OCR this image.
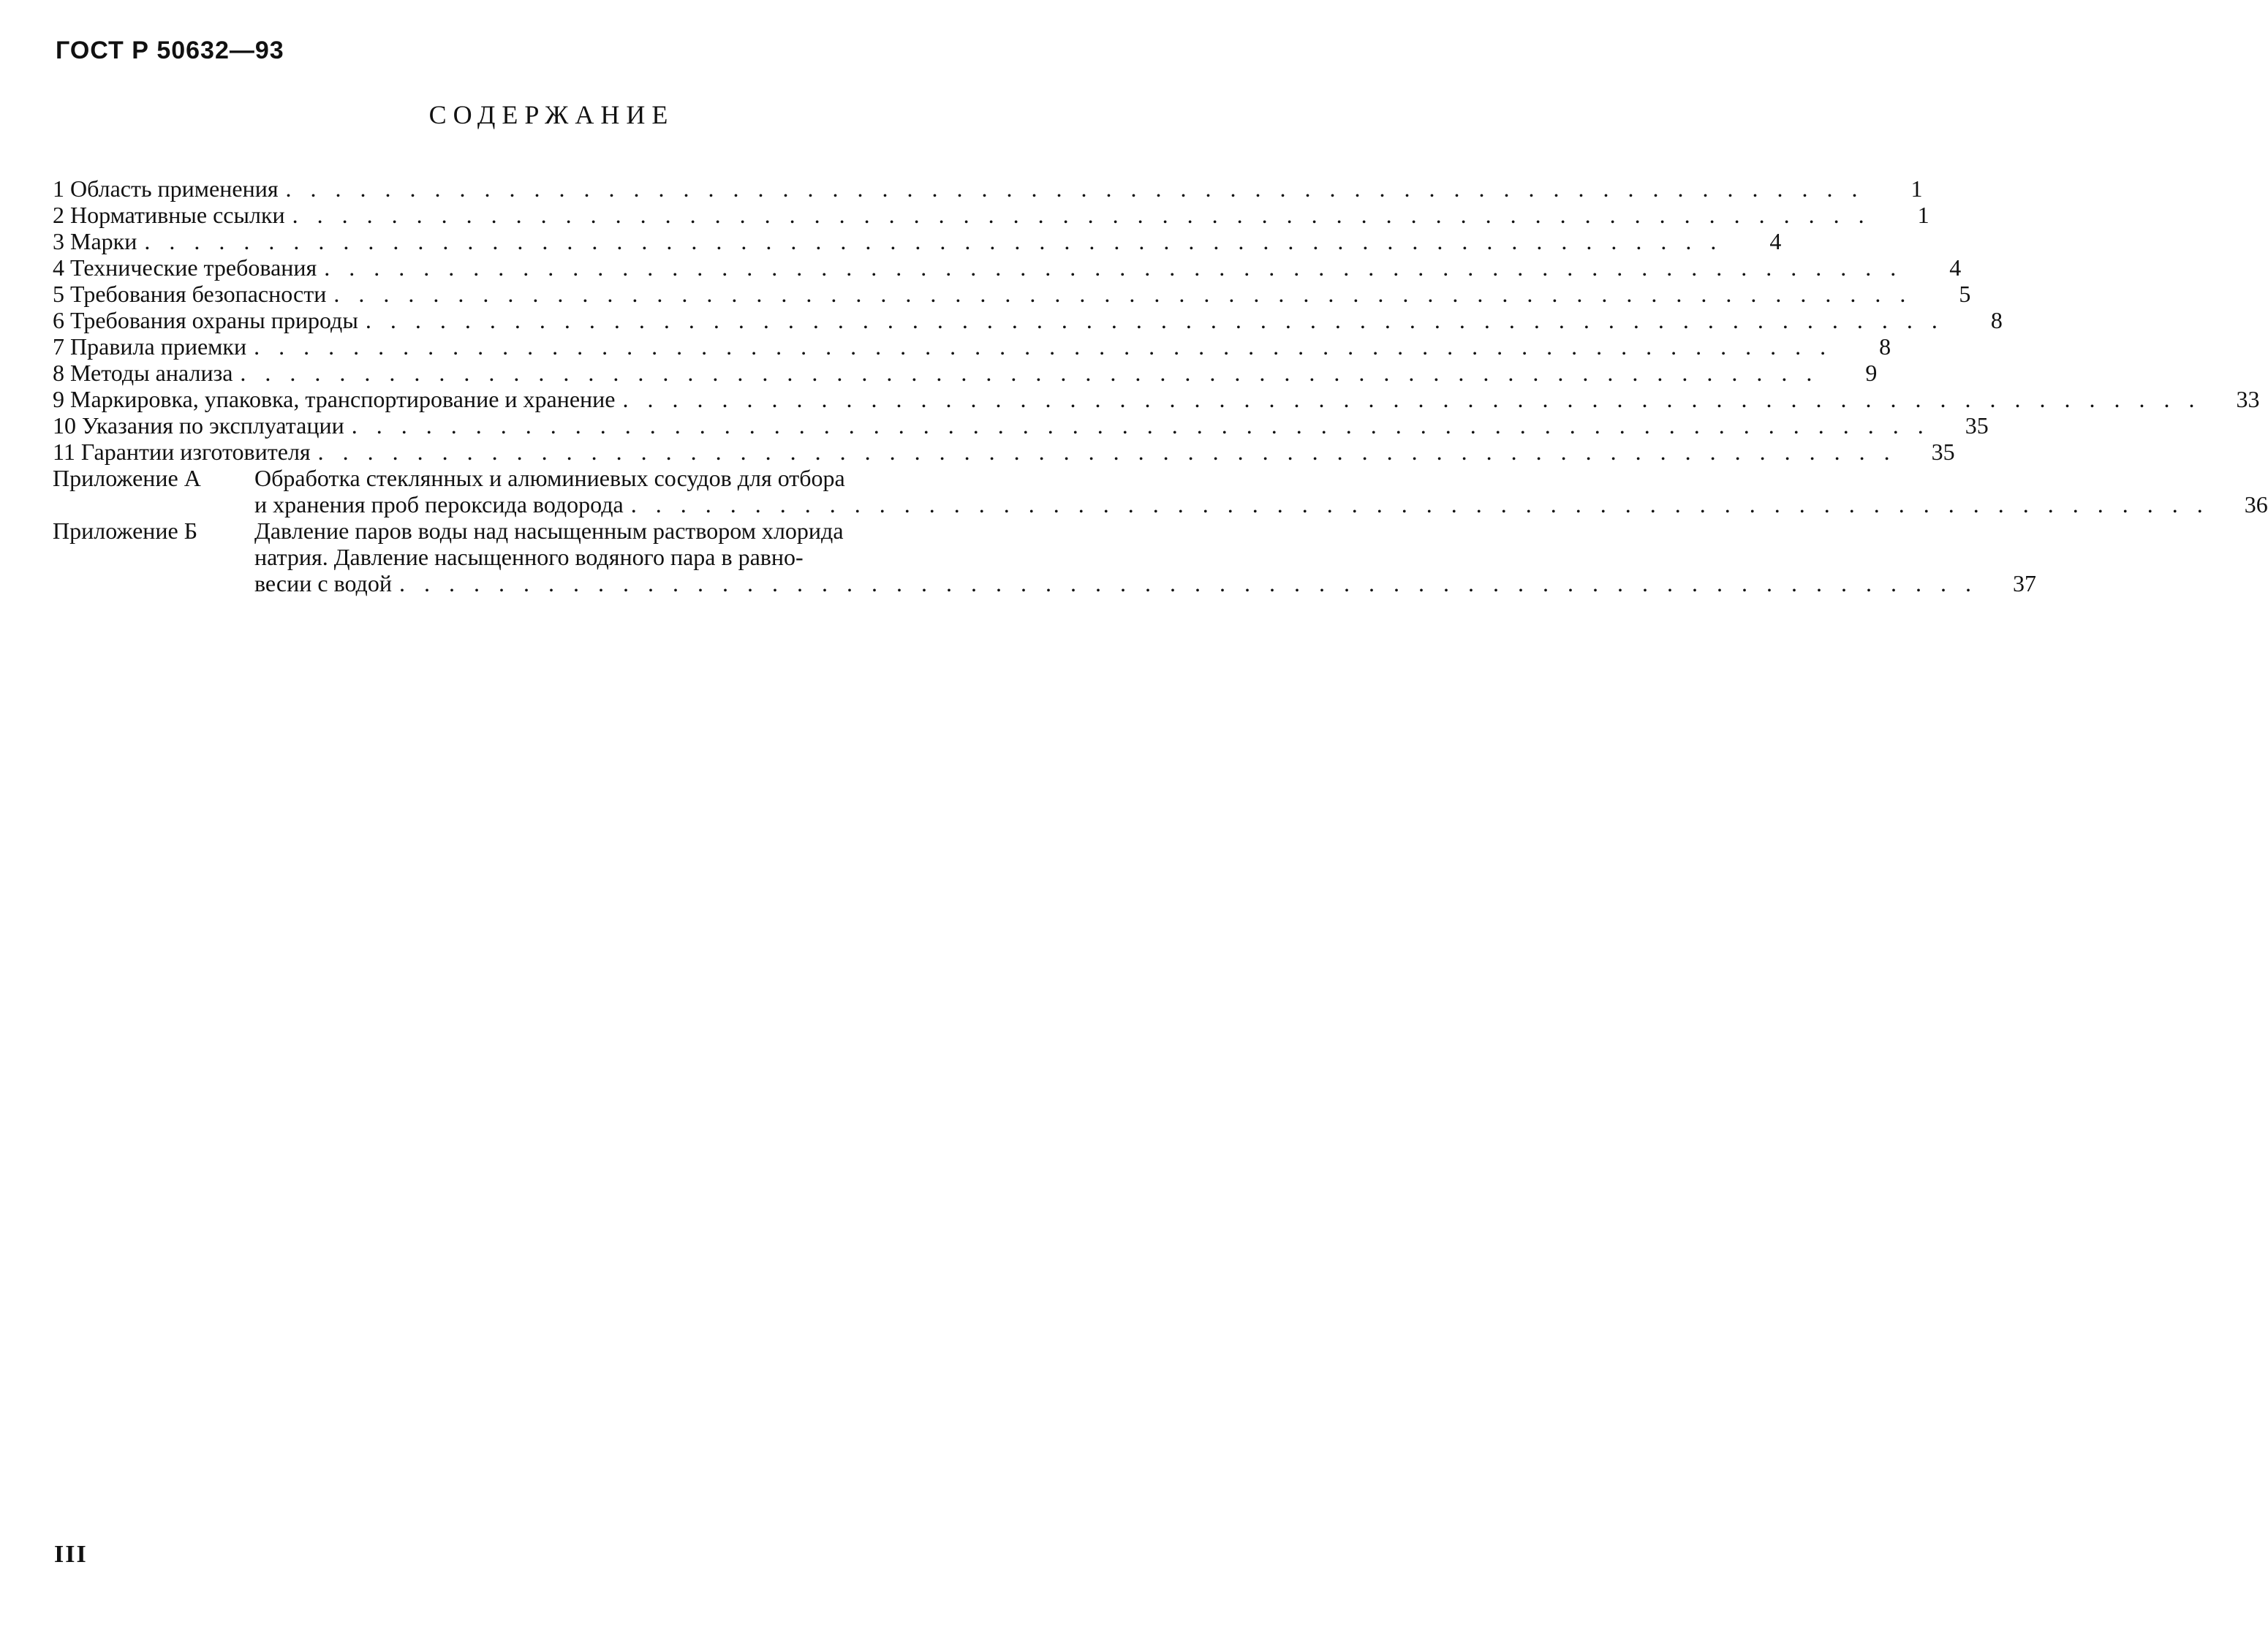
ГОСТ Р 50632—93
СОДЕРЖАНИЕ
1 Область применения . . . . . . . . . . . . . . . . . . . . . . . . . . . . . . . . . . . . . . . . . . . . . . . . . . . . . . . . . . . . . . . .	1
2 Нормативные ссылки . . . . . . . . . . . . . . . . . . . . . . . . . . . . . . . . . . . . . . . . . . . . . . . . . . . . . . . . . . . . . . . .	1
3 Марки . . . . . . . . . . . . . . . . . . . . . . . . . . . . . . . . . . . . . . . . . . . . . . . . . . . . . . . . . . . . . . . .	4
4 Технические требования . . . . . . . . . . . . . . . . . . . . . . . . . . . . . . . . . . . . . . . . . . . . . . . . . . . . . . . . . . . . . . . .	4
5 Требования безопасности . . . . . . . . . . . . . . . . . . . . . . . . . . . . . . . . . . . . . . . . . . . . . . . . . . . . . . . . . . . . . . . .	5
6 Требования охраны природы . . . . . . . . . . . . . . . . . . . . . . . . . . . . . . . . . . . . . . . . . . . . . . . . . . . . . . . . . . . . . . . .	8
7 Правила приемки . . . . . . . . . . . . . . . . . . . . . . . . . . . . . . . . . . . . . . . . . . . . . . . . . . . . . . . . . . . . . . . .	8
8 Методы анализа . . . . . . . . . . . . . . . . . . . . . . . . . . . . . . . . . . . . . . . . . . . . . . . . . . . . . . . . . . . . . . . .	9
9 Маркировка, упаковка, транспортирование и хранение . . . . . . . . . . . . . . . . . . . . . . . . . . . . . . . . . . . . . . . . . . . . . . . . . . . . . . . . . . . . . . . .	33
10 Указания по эксплуатации . . . . . . . . . . . . . . . . . . . . . . . . . . . . . . . . . . . . . . . . . . . . . . . . . . . . . . . . . . . . . . . .	35
11 Гарантии изготовителя . . . . . . . . . . . . . . . . . . . . . . . . . . . . . . . . . . . . . . . . . . . . . . . . . . . . . . . . . . . . . . . .	35
Приложение А	Обработка стеклянных и алюминиевых сосудов для отбора
и хранения проб пероксида водорода . . . . . . . . . . . . . . . . . . . . . . . . . . . . . . . . . . . . . . . . . . . . . . . . . . . . . . . . . . . . . . . .	36
Приложение Б	Давление паров воды над насыщенным раствором хлорида
натрия. Давление насыщенного водяного пара в равно-
весии с водой . . . . . . . . . . . . . . . . . . . . . . . . . . . . . . . . . . . . . . . . . . . . . . . . . . . . . . . . . . . . . . . .	37
III
